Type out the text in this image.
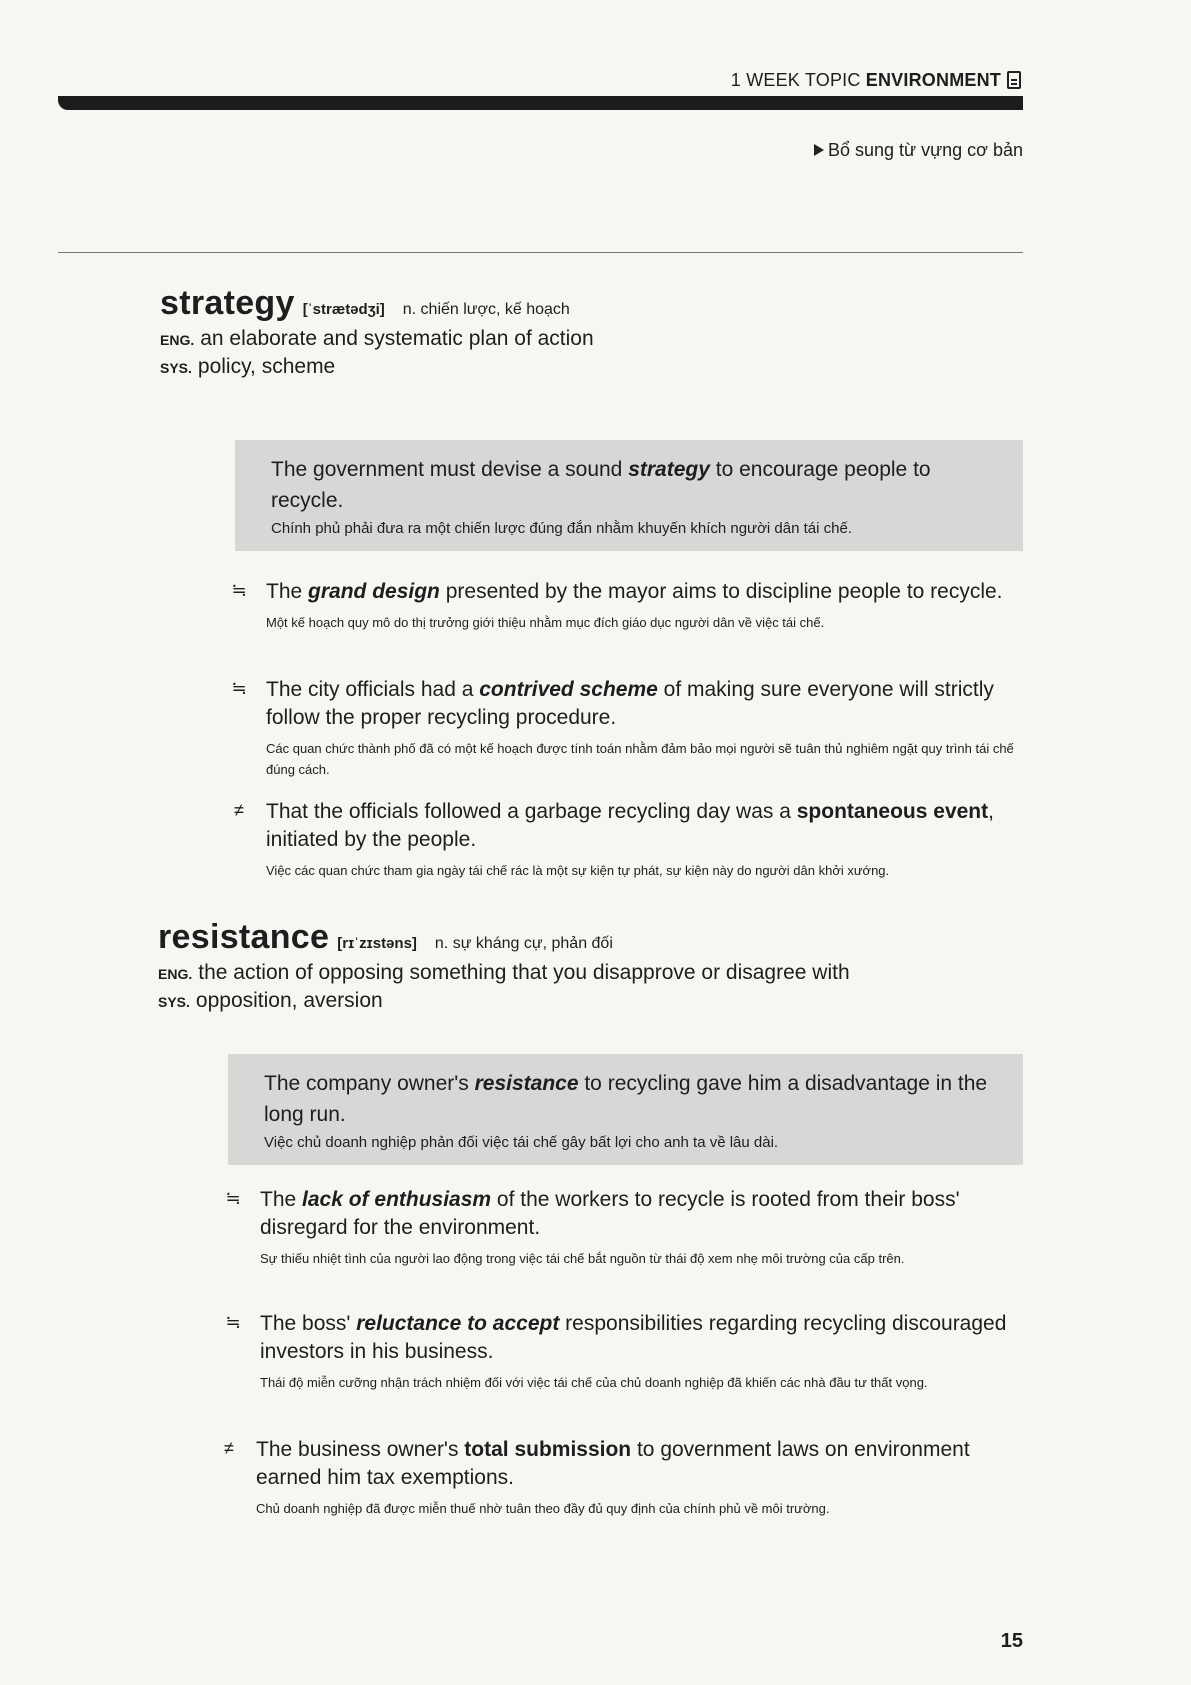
1 WEEK TOPIC ENVIRONMENT
Bổ sung từ vựng cơ bản
strategy [ˈstrætədʒi] n. chiến lược, kế hoạch
ENG. an elaborate and systematic plan of action
SYS. policy, scheme
The government must devise a sound strategy to encourage people to recycle.
Chính phủ phải đưa ra một chiến lược đúng đắn nhằm khuyến khích người dân tái chế.
≒ The grand design presented by the mayor aims to discipline people to recycle.
Một kế hoạch quy mô do thị trưởng giới thiệu nhằm mục đích giáo dục người dân về việc tái chế.
≒ The city officials had a contrived scheme of making sure everyone will strictly follow the proper recycling procedure.
Các quan chức thành phố đã có một kế hoạch được tính toán nhằm đảm bảo mọi người sẽ tuân thủ nghiêm ngặt quy trình tái chế đúng cách.
≠ That the officials followed a garbage recycling day was a spontaneous event, initiated by the people.
Việc các quan chức tham gia ngày tái chế rác là một sự kiện tự phát, sự kiện này do người dân khởi xướng.
resistance [rɪˈzɪstəns] n. sự kháng cự, phản đối
ENG. the action of opposing something that you disapprove or disagree with
SYS. opposition, aversion
The company owner's resistance to recycling gave him a disadvantage in the long run.
Việc chủ doanh nghiệp phản đối việc tái chế gây bất lợi cho anh ta về lâu dài.
≒ The lack of enthusiasm of the workers to recycle is rooted from their boss' disregard for the environment.
Sự thiếu nhiệt tình của người lao động trong việc tái chế bắt nguồn từ thái độ xem nhẹ môi trường của cấp trên.
≒ The boss' reluctance to accept responsibilities regarding recycling discouraged investors in his business.
Thái độ miễn cưỡng nhận trách nhiệm đối với việc tái chế của chủ doanh nghiệp đã khiến các nhà đầu tư thất vọng.
≠ The business owner's total submission to government laws on environment earned him tax exemptions.
Chủ doanh nghiệp đã được miễn thuế nhờ tuân theo đầy đủ quy định của chính phủ về môi trường.
15
